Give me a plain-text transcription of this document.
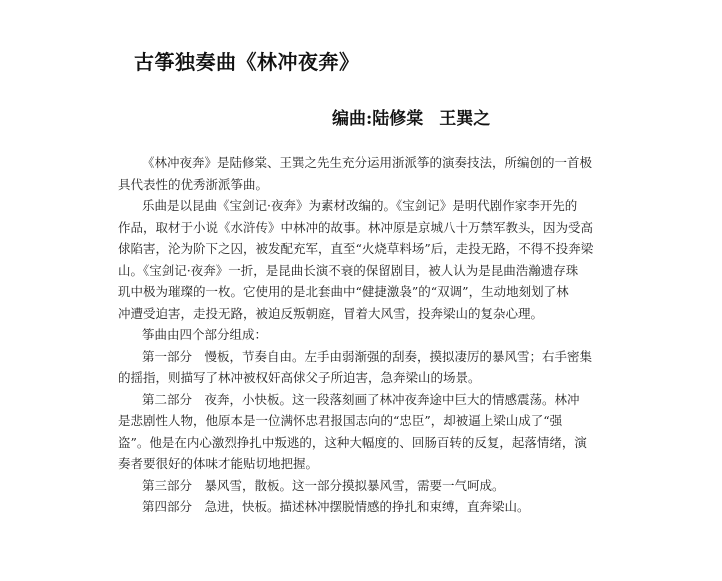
古筝独奏曲《林冲夜奔》
编曲:陆修棠 王巽之
《林冲夜奔》是陆修棠、王巽之先生充分运用浙派筝的演奏技法，所编创的一首极
具代表性的优秀浙派筝曲。
乐曲是以昆曲《宝剑记·夜奔》为素材改编的。《宝剑记》是明代剧作家李开先的
作品，取材于小说《水浒传》中林冲的故事。林冲原是京城八十万禁军教头，因为受高
俅陷害，沦为阶下之囚，被发配充军，直至“火烧草料场”后，走投无路，不得不投奔梁
山。《宝剑记·夜奔》一折，是昆曲长演不衰的保留剧目，被人认为是昆曲浩瀚遗存珠
玑中极为璀璨的一枚。它使用的是北套曲中“健捷激袅”的“双调”，生动地刻划了林
冲遭受迫害，走投无路，被迫反叛朝庭，冒着大风雪，投奔梁山的复杂心理。
筝曲由四个部分组成：
第一部分　慢板，节奏自由。左手由弱渐强的刮奏，摸拟凄厉的暴风雪；右手密集
的揺指，则描写了林冲被权奸高俅父子所迫害，急奔梁山的场景。
第二部分　夜奔，小快板。这一段落刻画了林冲夜奔途中巨大的情感震荡。林冲
是悲剧性人物，他原本是一位满怀忠君报国志向的“忠臣”，却被逼上梁山成了“强
盗”。他是在内心激烈挣扎中叛逃的，这种大幅度的、回肠百转的反复，起落情绪，演
奏者要很好的体味才能贴切地把握。
第三部分　暴风雪，散板。这一部分摸拟暴风雪，需要一气呵成。
第四部分　急进，快板。描述林冲摆脱情感的挣扎和束缚，直奔梁山。
